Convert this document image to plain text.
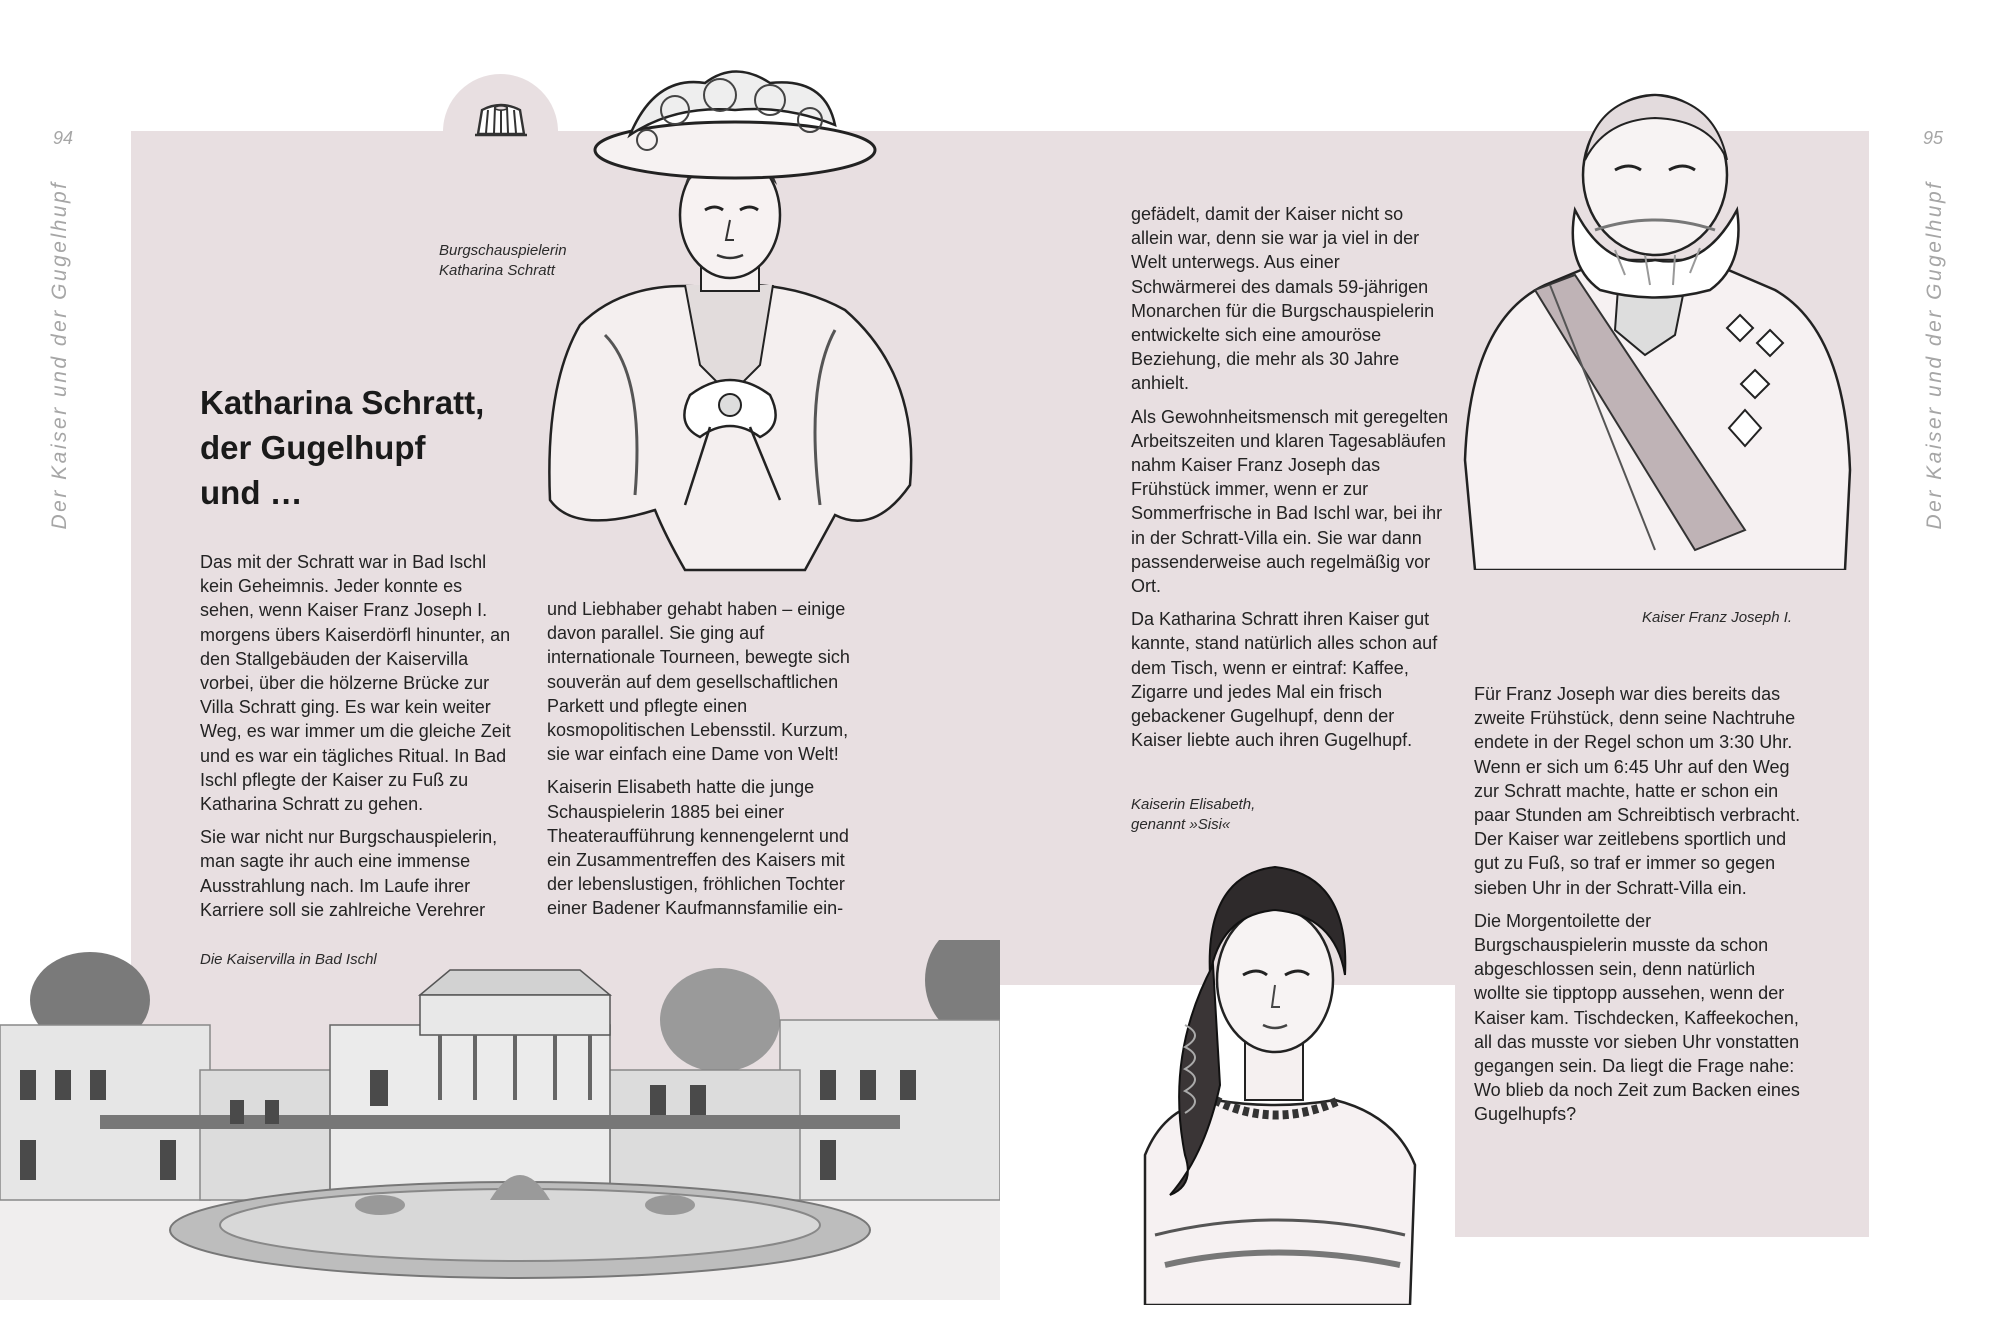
94	95
Der Kaiser und der Gugelhupf	Der Kaiser und der Gugelhupf
Katharina Schratt,
der Gugelhupf
und …
Burgschauspielerin
Katharina Schratt
Kaiser Franz Joseph I.
Kaiserin Elisabeth,
genannt »Sisi«
Die Kaiservilla in Bad Ischl

Das mit der Schratt war in Bad Ischl kein Geheimnis. Jeder konnte es sehen, wenn Kaiser Franz Joseph I. morgens übers Kaiserdörfl hinunter, an den Stallgebäuden der Kaiservilla vorbei, über die hölzerne Brücke zur Villa Schratt ging. Es war kein weiter Weg, es war immer um die gleiche Zeit und es war ein tägliches Ritual. In Bad Ischl pflegte der Kaiser zu Fuß zu Katharina Schratt zu gehen.

Sie war nicht nur Burgschauspielerin, man sagte ihr auch eine immense Ausstrahlung nach. Im Laufe ihrer Karriere soll sie zahlreiche Verehrer

und Liebhaber gehabt haben – einige davon parallel. Sie ging auf internationale Tourneen, bewegte sich souverän auf dem gesellschaftlichen Parkett und pflegte einen kosmopolitischen Lebensstil. Kurzum, sie war einfach eine Dame von Welt!

Kaiserin Elisabeth hatte die junge Schauspielerin 1885 bei einer Theateraufführung kennengelernt und ein Zusammentreffen des Kaisers mit der lebenslustigen, fröhlichen Tochter einer Badener Kaufmannsfamilie ein-

gefädelt, damit der Kaiser nicht so allein war, denn sie war ja viel in der Welt unterwegs. Aus einer Schwärmerei des damals 59-jährigen Monarchen für die Burgschauspielerin entwickelte sich eine amouröse Beziehung, die mehr als 30 Jahre anhielt.

Als Gewohnheitsmensch mit geregelten Arbeitszeiten und klaren Tagesabläufen nahm Kaiser Franz Joseph das Frühstück immer, wenn er zur Sommerfrische in Bad Ischl war, bei ihr in der Schratt-Villa ein. Sie war dann passenderweise auch regelmäßig vor Ort.

Da Katharina Schratt ihren Kaiser gut kannte, stand natürlich alles schon auf dem Tisch, wenn er eintraf: Kaffee, Zigarre und jedes Mal ein frisch gebackener Gugelhupf, denn der Kaiser liebte auch ihren Gugelhupf.

Für Franz Joseph war dies bereits das zweite Frühstück, denn seine Nachtruhe endete in der Regel schon um 3:30 Uhr. Wenn er sich um 6:45 Uhr auf den Weg zur Schratt machte, hatte er schon ein paar Stunden am Schreibtisch verbracht. Der Kaiser war zeitlebens sportlich und gut zu Fuß, so traf er immer so gegen sieben Uhr in der Schratt-Villa ein.

Die Morgentoilette der Burgschauspielerin musste da schon abgeschlossen sein, denn natürlich wollte sie tipptopp aussehen, wenn der Kaiser kam. Tischdecken, Kaffeekochen, all das musste vor sieben Uhr vonstatten gegangen sein. Da liegt die Frage nahe: Wo blieb da noch Zeit zum Backen eines Gugelhupfs?
